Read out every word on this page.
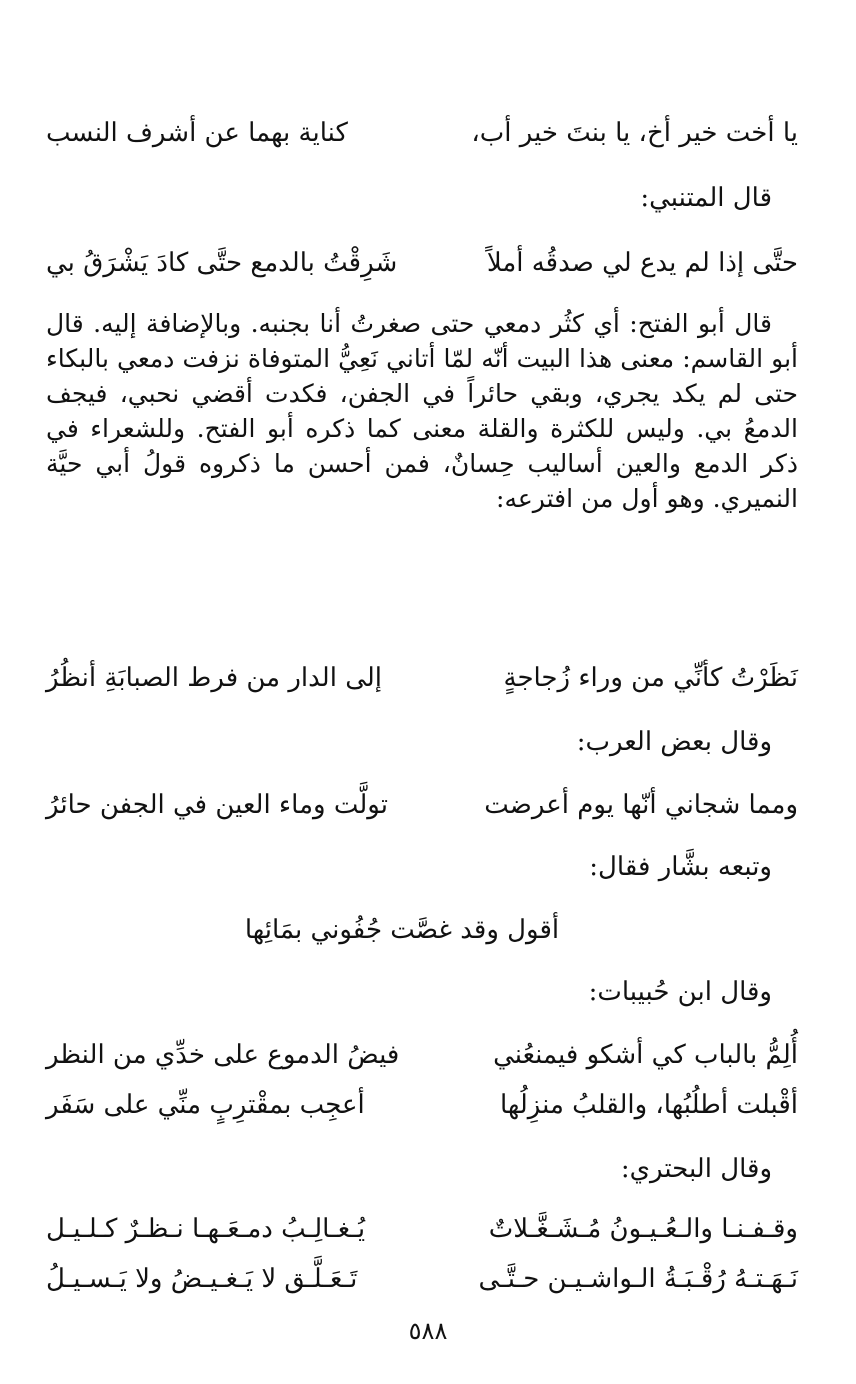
يا أخت خير أخ، يا بنتَ خير أب،
كناية بهما عن أشرف النسب
قال المتنبي:
حتَّى إذا لم يدع لي صدقُه أملاً
شَرِقْتُ بالدمع حتَّى كادَ يَشْرَقُ بي
قال أبو الفتح: أي كثُر دمعي حتى صغرتُ أنا بجنبه. وبالإضافة إليه. قال أبو القاسم: معنى هذا البيت أنّه لمّا أتاني نَعِيُّ المتوفاة نزفت دمعي بالبكاء حتى لم يكد يجري، وبقي حائراً في الجفن، فكدت أقضي نحبي، فيجف الدمعُ بي. وليس للكثرة والقلة معنى كما ذكره أبو الفتح. وللشعراء في ذكر الدمع والعين أساليب حِسانٌ، فمن أحسن ما ذكروه قولُ أبي حيَّة النميري. وهو أول من افترعه:
نَظَرْتُ كأنِّي من وراء زُجاجةٍ
إلى الدار من فرط الصبابَةِ أنظُرُ
وقال بعض العرب:
ومما شجاني أنّها يوم أعرضت
تولَّت وماء العين في الجفن حائرُ
وتبعه بشَّار فقال:
أقول وقد غصَّت جُفُوني بمَائِها
وقال ابن حُبيبات:
أُلِمُّ بالباب كي أشكو فيمنعُني
فيضُ الدموع على خدِّي من النظر
أقْبلت أطلُبُها، والقلبُ منزِلُها
أعجِب بمقْترِبٍ منِّي على سَفَر
وقال البحتري:
وقـفـنـا والـعُـيـونُ مُـشَـغَّـلاتٌ
يُـغـالِـبُ دمـعَـهـا نـظـرٌ كـلـيـل
نَـهَـتـهُ رُقْـبَـةُ الـواشـيـن حـتَّـى
تَـعَـلَّـق لا يَـغـيـضُ ولا يَـسـيـلُ
٥٨٨
